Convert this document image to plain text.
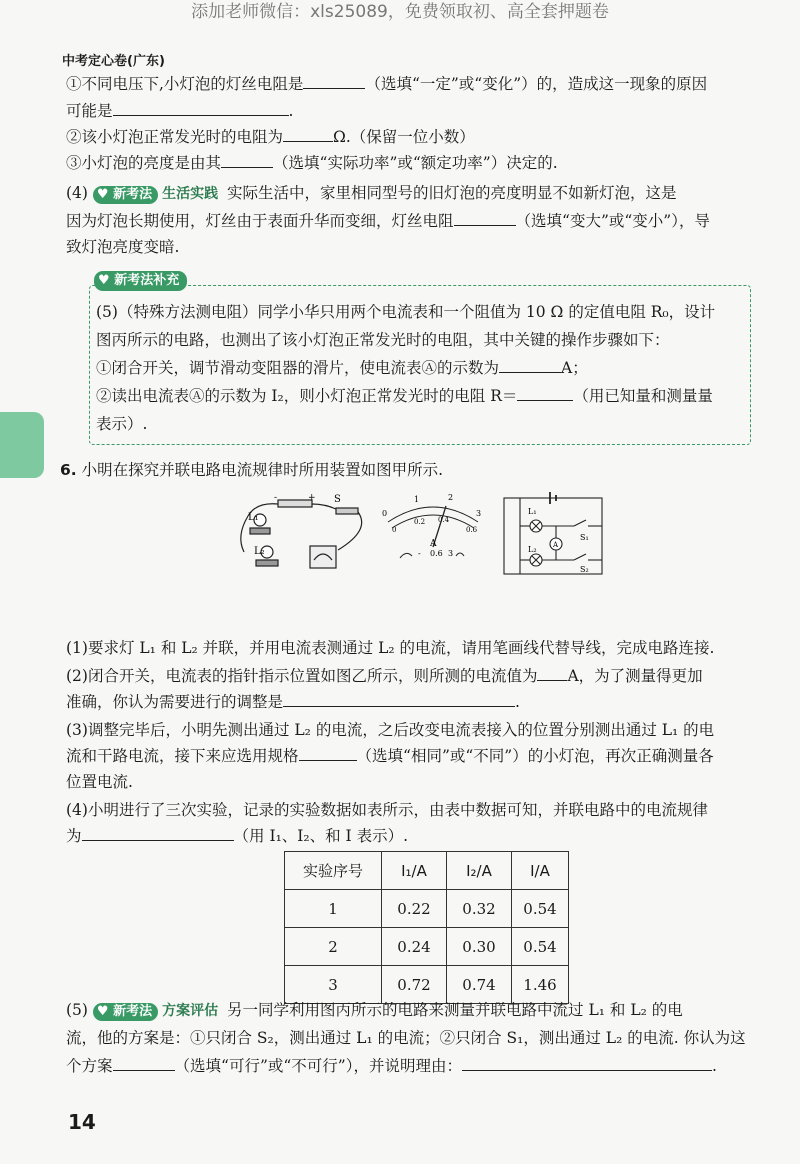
添加老师微信：xls25089，免费领取初、高全套押题卷
中考定心卷(广东)
①不同电压下,小灯泡的灯丝电阻是	（选填“一定”或“变化”）的，造成这一现象的原因
可能是	.
②该小灯泡正常发光时的电阻为	Ω.（保留一位小数）
③小灯泡的亮度是由其	（选填“实际功率”或“额定功率”）决定的.
(4) ♥ 新考法 生活实践 实际生活中，家里相同型号的旧灯泡的亮度明显不如新灯泡，这是
因为灯泡长期使用，灯丝由于表面升华而变细，灯丝电阻	（选填“变大”或“变小”），导
致灯泡亮度变暗.
♥ 新考法补充
(5)（特殊方法测电阻）同学小华只用两个电流表和一个阻值为 10 Ω 的定值电阻 R₀，设计
图丙所示的电路，也测出了该小灯泡正常发光时的电阻，其中关键的操作步骤如下：
①闭合开关，调节滑动变阻器的滑片，使电流表Ⓐ的示数为	A；
②读出电流表Ⓐ的示数为 I₂，则小灯泡正常发光时的电阻 R＝	（用已知量和测量量
表示）.
6. 小明在探究并联电路电流规律时所用装置如图甲所示.
L₁
L₂
S
+
-
0
1	2
3
0
0.2 0.4
0.6
A
- 0.6 3
L₁
L₂ A
S₁
S₂
(1)要求灯 L₁ 和 L₂ 并联，并用电流表测通过 L₂ 的电流，请用笔画线代替导线，完成电路连接.
(2)闭合开关，电流表的指针指示位置如图乙所示，则所测的电流值为 A，为了测量得更加
准确，你认为需要进行的调整是	.
(3)调整完毕后，小明先测出通过 L₂ 的电流，之后改变电流表接入的位置分别测出通过 L₁ 的电
流和干路电流，接下来应选用规格	（选填“相同”或“不同”）的小灯泡，再次正确测量各
位置电流.
(4)小明进行了三次实验，记录的实验数据如表所示，由表中数据可知，并联电路中的电流规律
为	（用 I₁、I₂、和 I 表示）.
实验序号	I₁/A	I₂/A	I/A
1	0.22	0.32	0.54
2	0.24	0.30	0.54
3	0.72	0.74	1.46
(5) ♥ 新考法 方案评估 另一同学利用图丙所示的电路来测量并联电路中流过 L₁ 和 L₂ 的电
流，他的方案是：①只闭合 S₂，测出通过 L₁ 的电流；②只闭合 S₁，测出通过 L₂ 的电流. 你认为这
个方案	（选填“可行”或“不可行”），并说明理由：	.
14
